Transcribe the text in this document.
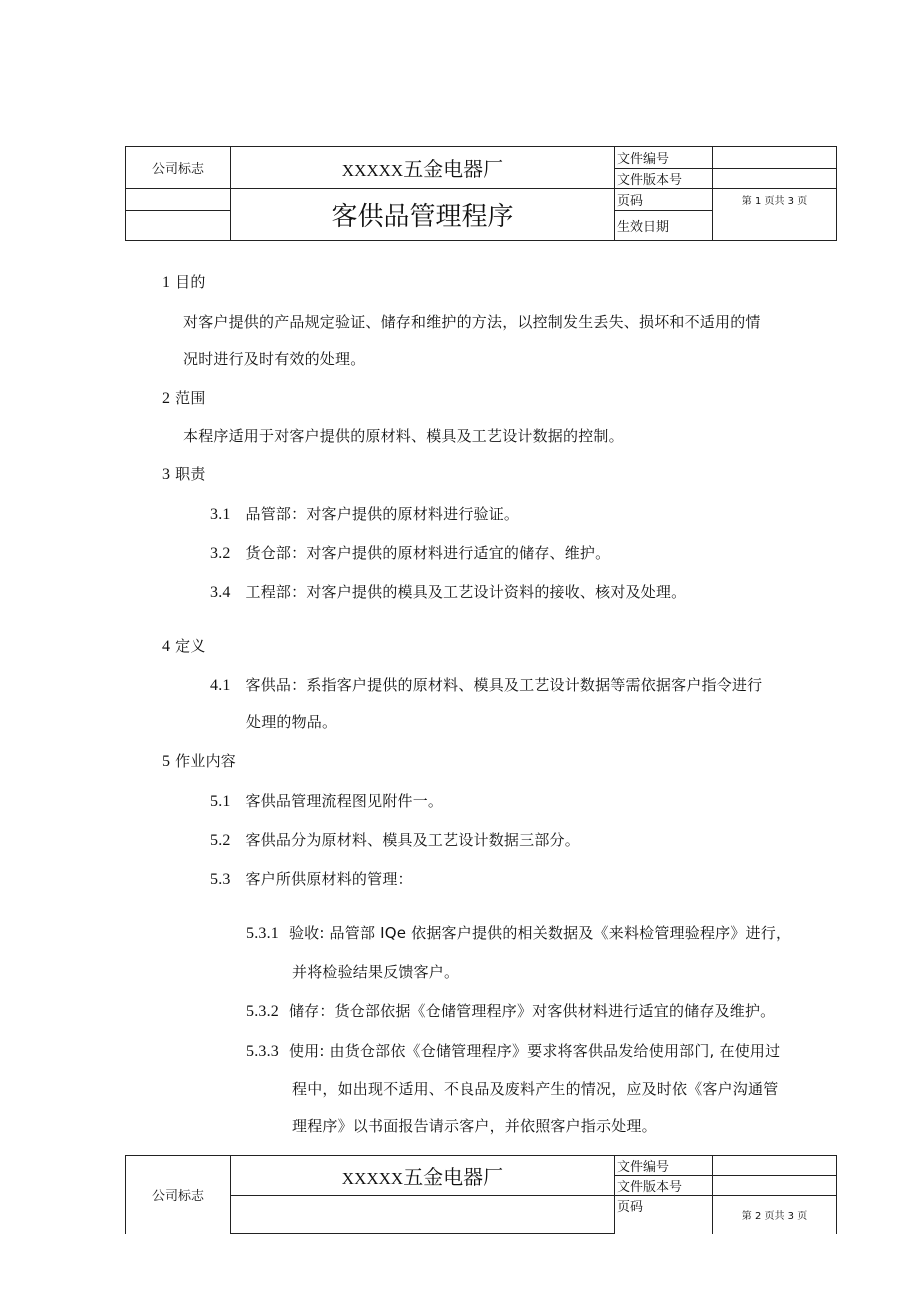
公司标志	XXXXX五金电器厂	文件编号	
		文件版本号	
	客供品管理程序	页码	第 1 页共 3 页
		生效日期	
1 目的
对客户提供的产品规定验证、储存和维护的方法，以控制发生丢失、损坏和不适用的情
况时进行及时有效的处理。
2 范围
本程序适用于对客户提供的原材料、模具及工艺设计数据的控制。
3 职责
3.1 品管部：对客户提供的原材料进行验证。
3.2 货仓部：对客户提供的原材料进行适宜的储存、维护。
3.4 工程部：对客户提供的模具及工艺设计资料的接收、核对及处理。
4 定义
4.1 客供品：系指客户提供的原材料、模具及工艺设计数据等需依据客户指令进行
处理的物品。
5 作业内容
5.1 客供品管理流程图见附件一。
5.2 客供品分为原材料、模具及工艺设计数据三部分。
5.3 客户所供原材料的管理：
5.3.1 验收: 品管部 IQe 依据客户提供的相关数据及《来料检管理验程序》进行，
并将检验结果反馈客户。
5.3.2 储存：货仓部依据《仓储管理程序》对客供材料进行适宜的储存及维护。
5.3.3 使用: 由货仓部依《仓储管理程序》要求将客供品发给使用部门, 在使用过
程中，如出现不适用、不良品及废料产生的情况，应及时依《客户沟通管
理程序》以书面报告请示客户，并依照客户指示处理。
公司标志	XXXXX五金电器厂	文件编号	
		文件版本号	
		页码	第 2 页共 3 页
